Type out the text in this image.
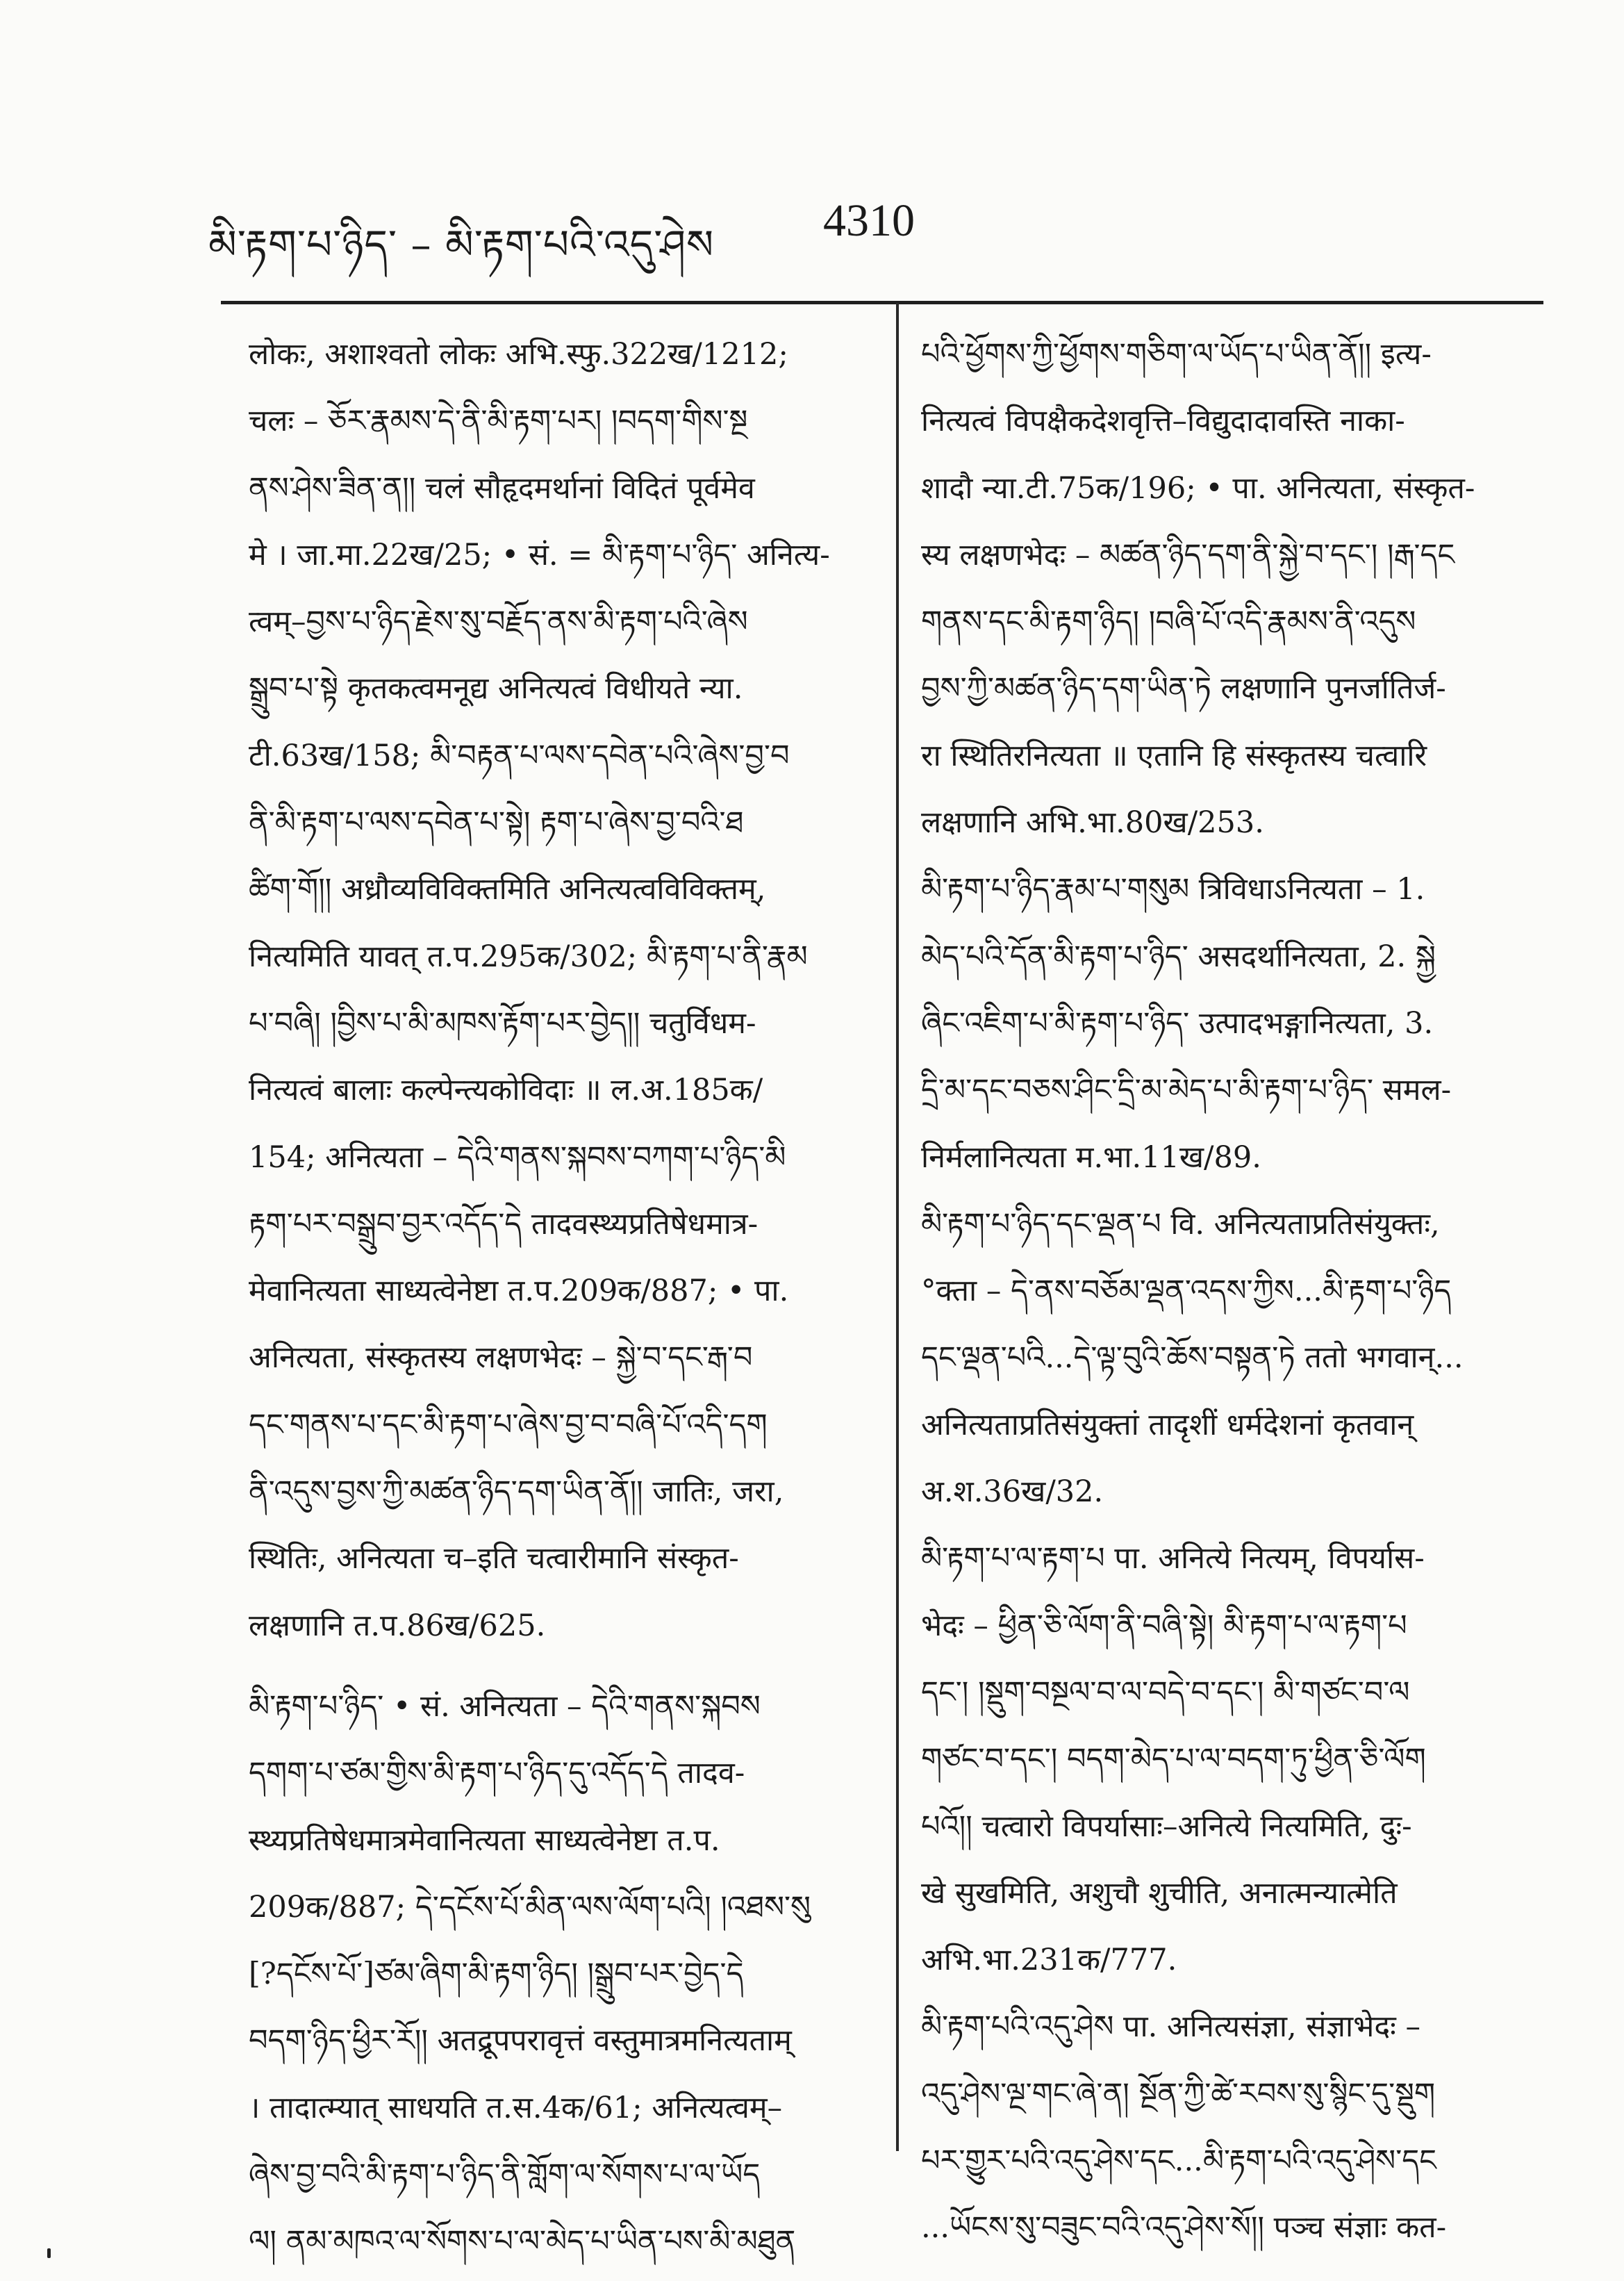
མི་རྟག་པ་ཉིད་ – མི་རྟག་པའི་འདུ་ཤེས 4310
लोकः, अशाश्वतो लोकः अभि.स्फु.322ख/1212;
चलः – ཅོར་རྣམས་དེ་ནི་མི་རྟག་པར། །བདག་གིས་སྔ
ནས་ཤེས་ཟིན་ན།། चलं सौहृदमर्थानां विदितं पूर्वमेव
मे । जा.मा.22ख/25; • सं. = མི་རྟག་པ་ཉིད་ अनित्य-
त्वम्–བྱས་པ་ཉིད་རྗེས་སུ་བརྗོད་ནས་མི་རྟག་པའི་ཞེས
སྒྲུབ་པ་སྟེ कृतकत्वमनूद्य अनित्यत्वं विधीयते न्या.
टी.63ख/158; མི་བརྟན་པ་ལས་དབེན་པའི་ཞེས་བྱ་བ
ནི་མི་རྟག་པ་ལས་དབེན་པ་སྟེ། རྟག་པ་ཞེས་བྱ་བའི་ཐ
ཚིག་གོ།། अध्रौव्यविविक्तमिति अनित्यत्वविविक्तम्,
नित्यमिति यावत् त.प.295क/302; མི་རྟག་པ་ནི་རྣམ
པ་བཞི། །བྱིས་པ་མི་མཁས་རྟོག་པར་བྱེད།། चतुर्विधम-
नित्यत्वं बालाः कल्पेन्त्यकोविदाः ॥ ल.अ.185क/
154; अनित्यता – དེའི་གནས་སྐབས་བཀག་པ་ཉིད་མི
རྟག་པར་བསྒྲུབ་བྱར་འདོད་དེ तादवस्थ्यप्रतिषेधमात्र-
मेवानित्यता साध्यत्वेनेष्टा त.प.209क/887; • पा.
अनित्यता, संस्कृतस्य लक्षणभेदः – སྐྱེ་བ་དང་རྒ་བ
དང་གནས་པ་དང་མི་རྟག་པ་ཞེས་བྱ་བ་བཞི་པོ་འདི་དག
ནི་འདུས་བྱས་ཀྱི་མཚན་ཉིད་དག་ཡིན་ནོ།། जातिः, जरा,
स्थितिः, अनित्यता च–इति चत्वारीमानि संस्कृत-
लक्षणानि त.प.86ख/625.
མི་རྟག་པ་ཉིད་ • सं. अनित्यता – དེའི་གནས་སྐབས
དགག་པ་ཙམ་གྱིས་མི་རྟག་པ་ཉིད་དུ་འདོད་དེ तादव-
स्थ्यप्रतिषेधमात्रमेवानित्यता साध्यत्वेनेष्टा त.प.
209क/887; དེ་དངོས་པོ་མིན་ལས་ལོག་པའི། །འཐས་སུ
[?དངོས་པོ་]ཙམ་ཞིག་མི་རྟག་ཉིད། །སྒྲུབ་པར་བྱེད་དེ
བདག་ཉིད་ཕྱིར་རོ།། अतद्रूपपरावृत्तं वस्तुमात्रमनित्यताम्
। तादात्म्यात् साधयति त.स.4क/61; अनित्यत्वम्–
ཞེས་བྱ་བའི་མི་རྟག་པ་ཉིད་ནི་གློག་ལ་སོགས་པ་ལ་ཡོད
ལ། ནམ་མཁའ་ལ་སོགས་པ་ལ་མེད་པ་ཡིན་པས་མི་མཐུན
པའི་ཕྱོགས་ཀྱི་ཕྱོགས་གཅིག་ལ་ཡོད་པ་ཡིན་ནོ།། इत्य-
नित्यत्वं विपक्षैकदेशवृत्ति–विद्युदादावस्ति नाका-
शादौ न्या.टी.75क/196; • पा. अनित्यता, संस्कृत-
स्य लक्षणभेदः – མཚན་ཉིད་དག་ནི་སྐྱེ་བ་དང་། །རྒ་དང
གནས་དང་མི་རྟག་ཉིད། །བཞི་པོ་འདི་རྣམས་ནི་འདུས
བྱས་ཀྱི་མཚན་ཉིད་དག་ཡིན་ཏེ लक्षणानि पुनर्जातिर्ज-
रा स्थितिरनित्यता ॥ एतानि हि संस्कृतस्य चत्वारि
लक्षणानि अभि.भा.80ख/253.
མི་རྟག་པ་ཉིད་རྣམ་པ་གསུམ त्रिविधाऽनित्यता – 1.
མེད་པའི་དོན་མི་རྟག་པ་ཉིད་ असदर्थानित्यता, 2. སྐྱེ
ཞིང་འཇིག་པ་མི་རྟག་པ་ཉིད་ उत्पादभङ्गानित्यता, 3.
དྲི་མ་དང་བཅས་ཤིང་དྲི་མ་མེད་པ་མི་རྟག་པ་ཉིད་ समल-
निर्मलानित्यता म.भा.11ख/89.
མི་རྟག་པ་ཉིད་དང་ལྡན་པ वि. अनित्यताप्रतिसंयुक्तः,
°क्ता – དེ་ནས་བཅོམ་ལྡན་འདས་ཀྱིས...མི་རྟག་པ་ཉིད
དང་ལྡན་པའི...དེ་ལྟ་བུའི་ཆོས་བསྟན་ཏེ ततो भगवान्...
अनित्यताप्रतिसंयुक्तां तादृशीं धर्मदेशनां कृतवान्
अ.श.36ख/32.
མི་རྟག་པ་ལ་རྟག་པ पा. अनित्ये नित्यम्, विपर्यास-
भेदः – ཕྱིན་ཅི་ལོག་ནི་བཞི་སྟེ། མི་རྟག་པ་ལ་རྟག་པ
དང་། །སྡུག་བསྔལ་བ་ལ་བདེ་བ་དང་། མི་གཙང་བ་ལ
གཙང་བ་དང་། བདག་མེད་པ་ལ་བདག་ཏུ་ཕྱིན་ཅི་ལོག
པའོ།། चत्वारो विपर्यासाः–अनित्ये नित्यमिति, दुः-
खे सुखमिति, अशुचौ शुचीति, अनात्मन्यात्मेति
अभि.भा.231क/777.
མི་རྟག་པའི་འདུ་ཤེས पा. अनित्यसंज्ञा, संज्ञाभेदः –
འདུ་ཤེས་ལྔ་གང་ཞེ་ན། སྔོན་ཀྱི་ཚེ་རབས་སུ་སྙིང་དུ་སྡུག
པར་གྱུར་པའི་འདུ་ཤེས་དང...མི་རྟག་པའི་འདུ་ཤེས་དང
...ཡོངས་སུ་བཟུང་བའི་འདུ་ཤེས་སོ།། पञ्च संज्ञाः कत-
